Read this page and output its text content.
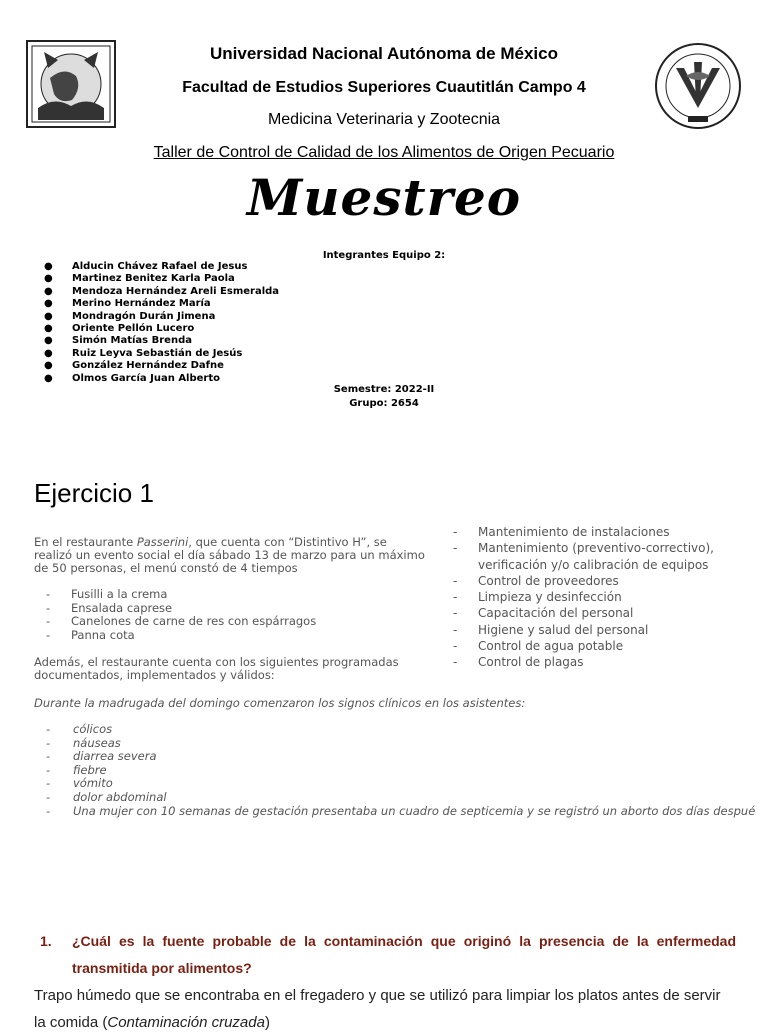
Universidad Nacional Autónoma de México
Facultad de Estudios Superiores Cuautitlán Campo 4
Medicina Veterinaria y Zootecnia
Taller de Control de Calidad de los Alimentos de Origen Pecuario
Muestreo
Integrantes Equipo 2:
● Alducin Chávez Rafael de Jesus
● Martinez Benitez Karla Paola
● Mendoza Hernández Areli Esmeralda
● Merino Hernández María
● Mondragón Durán Jimena
● Oriente Pellón Lucero
● Simón Matías Brenda
● Ruiz Leyva Sebastián de Jesús
● González Hernández Dafne
● Olmos García Juan Alberto
Semestre: 2022-II
Grupo: 2654
Ejercicio 1
En el restaurante Passerini, que cuenta con “Distintivo H”, se realizó un evento social el día sábado 13 de marzo para un máximo de 50 personas, el menú constó de 4 tiempos
- Fusilli a la crema
- Ensalada caprese
- Canelones de carne de res con espárragos
- Panna cota
Además, el restaurante cuenta con los siguientes programadas documentados, implementados y válidos:
- Mantenimiento de instalaciones
- Mantenimiento (preventivo-correctivo), verificación y/o calibración de equipos
- Control de proveedores
- Limpieza y desinfección
- Capacitación del personal
- Higiene y salud del personal
- Control de agua potable
- Control de plagas
Durante la madrugada del domingo comenzaron los signos clínicos en los asistentes:
- cólicos
- náuseas
- diarrea severa
- fiebre
- vómito
- dolor abdominal
- Una mujer con 10 semanas de gestación presentaba un cuadro de septicemia y se registró un aborto dos días despué
1.	¿Cuál es la fuente probable de la contaminación que originó la presencia de la enfermedad transmitida por alimentos?
Trapo húmedo que se encontraba en el fregadero y que se utilizó para limpiar los platos antes de servir la comida (Contaminación cruzada)
